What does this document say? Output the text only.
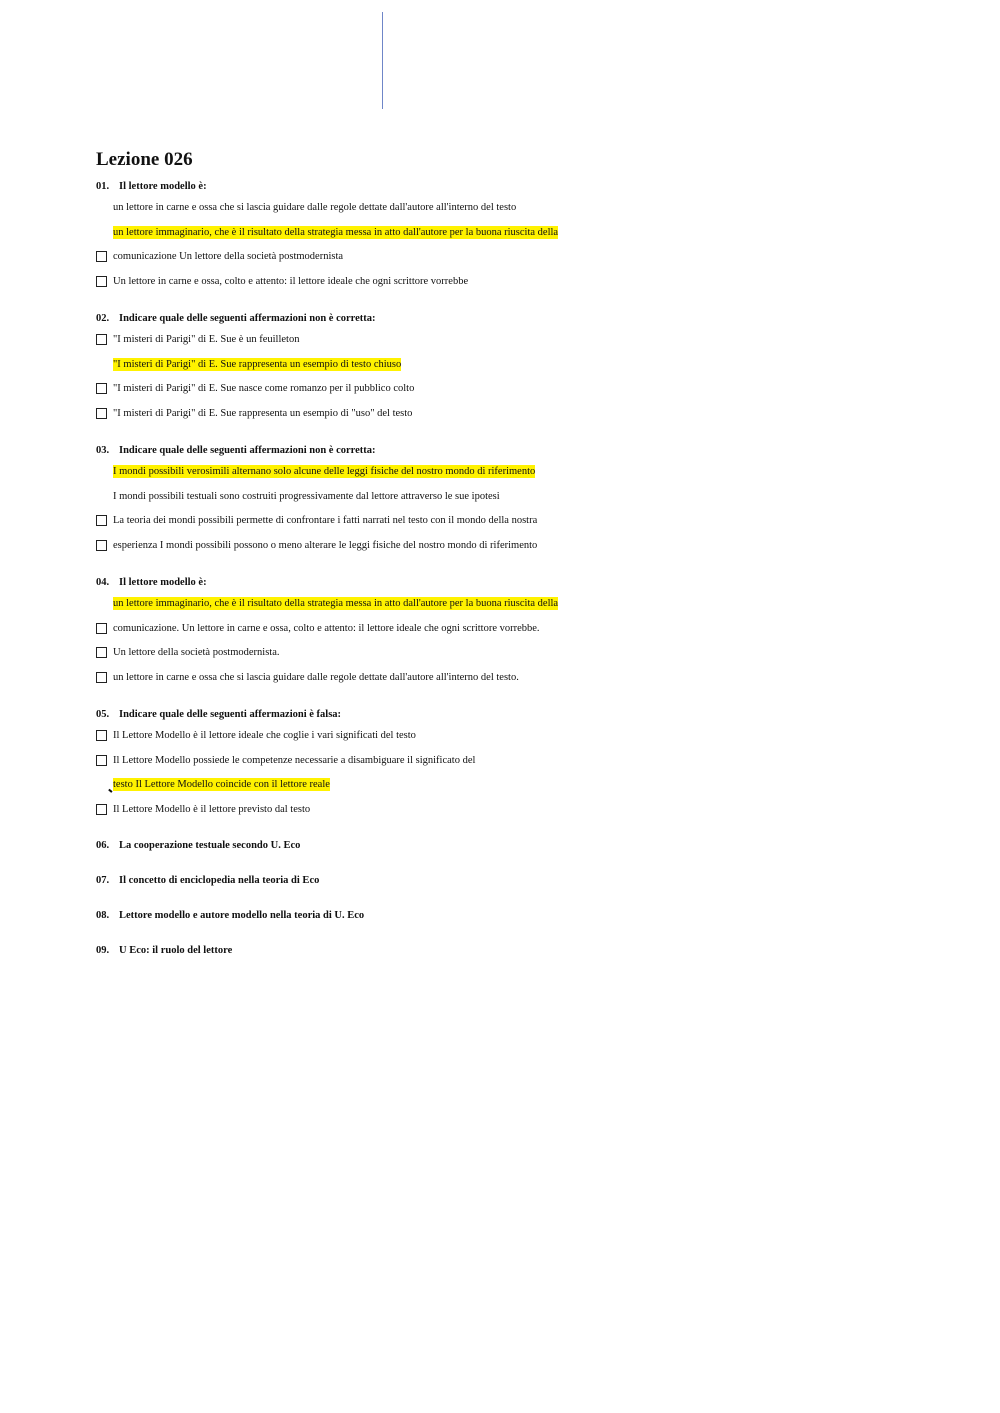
Lezione 026
01. Il lettore modello è:
un lettore in carne e ossa che si lascia guidare dalle regole dettate dall'autore all'interno del testo
un lettore immaginario, che è il risultato della strategia messa in atto dall'autore per la buona riuscita della
comunicazione Un lettore della società postmodernista
Un lettore in carne e ossa, colto e attento: il lettore ideale che ogni scrittore vorrebbe
02. Indicare quale delle seguenti affermazioni non è corretta:
"I misteri di Parigi" di E. Sue è un feuilleton
"I misteri di Parigi" di E. Sue rappresenta un esempio di testo chiuso
"I misteri di Parigi" di E. Sue nasce come romanzo per il pubblico colto
"I misteri di Parigi" di E. Sue rappresenta un esempio di "uso" del testo
03. Indicare quale delle seguenti affermazioni non è corretta:
I mondi possibili verosimili alternano solo alcune delle leggi fisiche del nostro mondo di riferimento
I mondi possibili testuali sono costruiti progressivamente dal lettore attraverso le sue ipotesi
La teoria dei mondi possibili permette di confrontare i fatti narrati nel testo con il mondo della nostra
esperienza I mondi possibili possono o meno alterare le leggi fisiche del nostro mondo di riferimento
04. Il lettore modello è:
un lettore immaginario, che è il risultato della strategia messa in atto dall'autore per la buona riuscita della
comunicazione. Un lettore in carne e ossa, colto e attento: il lettore ideale che ogni scrittore vorrebbe.
Un lettore della società postmodernista.
un lettore in carne e ossa che si lascia guidare dalle regole dettate dall'autore all'interno del testo.
05. Indicare quale delle seguenti affermazioni è falsa:
Il Lettore Modello è il lettore ideale che coglie i vari significati del testo
Il Lettore Modello possiede le competenze necessarie a disambiguare il significato del
testo Il Lettore Modello coincide con il lettore reale
Il Lettore Modello è il lettore previsto dal testo
06. La cooperazione testuale secondo U. Eco
07. Il concetto di enciclopedia nella teoria di Eco
08. Lettore modello e autore modello nella teoria di U. Eco
09. U Eco: il ruolo del lettore
